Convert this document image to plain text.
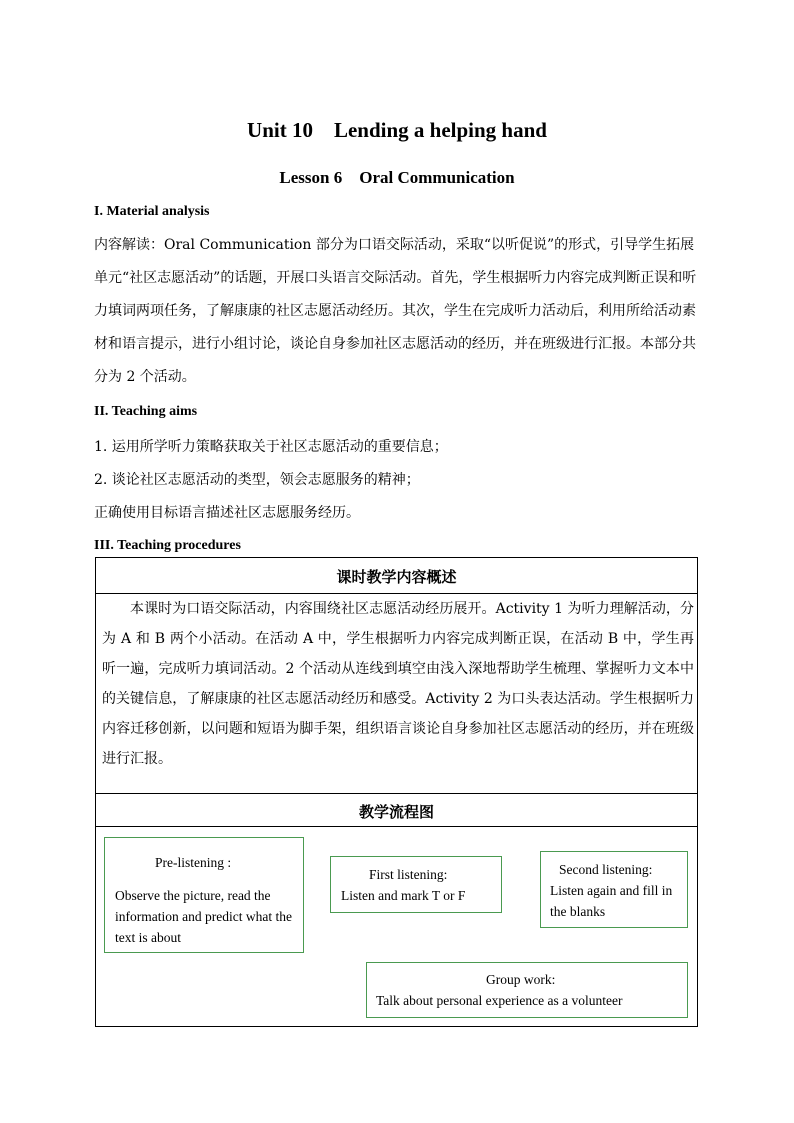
Unit 10    Lending a helping hand
Lesson 6    Oral Communication
I. Material analysis
内容解读：Oral Communication 部分为口语交际活动，采取“以听促说”的形式，引导学生拓展单元“社区志愿活动”的话题，开展口头语言交际活动。首先，学生根据听力内容完成判断正误和听力填词两项任务，了解康康的社区志愿活动经历。其次，学生在完成听力活动后，利用所给活动素材和语言提示，进行小组讨论，谈论自身参加社区志愿活动的经历，并在班级进行汇报。本部分共分为 2 个活动。
II. Teaching aims
1. 运用所学听力策略获取关于社区志愿活动的重要信息；
2. 谈论社区志愿活动的类型，领会志愿服务的精神；
正确使用目标语言描述社区志愿服务经历。
III. Teaching procedures
课时教学内容概述
本课时为口语交际活动，内容围绕社区志愿活动经历展开。Activity 1 为听力理解活动，分为 A 和 B 两个小活动。在活动 A 中，学生根据听力内容完成判断正误，在活动 B 中，学生再听一遍，完成听力填词活动。2 个活动从连线到填空由浅入深地帮助学生梳理、掌握听力文本中的关键信息，了解康康的社区志愿活动经历和感受。Activity 2 为口头表达活动。学生根据听力内容迁移创新，以问题和短语为脚手架，组织语言谈论自身参加社区志愿活动的经历，并在班级进行汇报。
教学流程图
Pre-listening :
Observe the picture, read the information and predict what the text is about
First listening:
Listen and mark T or F
Second listening:
Listen again and fill in the blanks
Group work:
Talk about personal experience as a volunteer
